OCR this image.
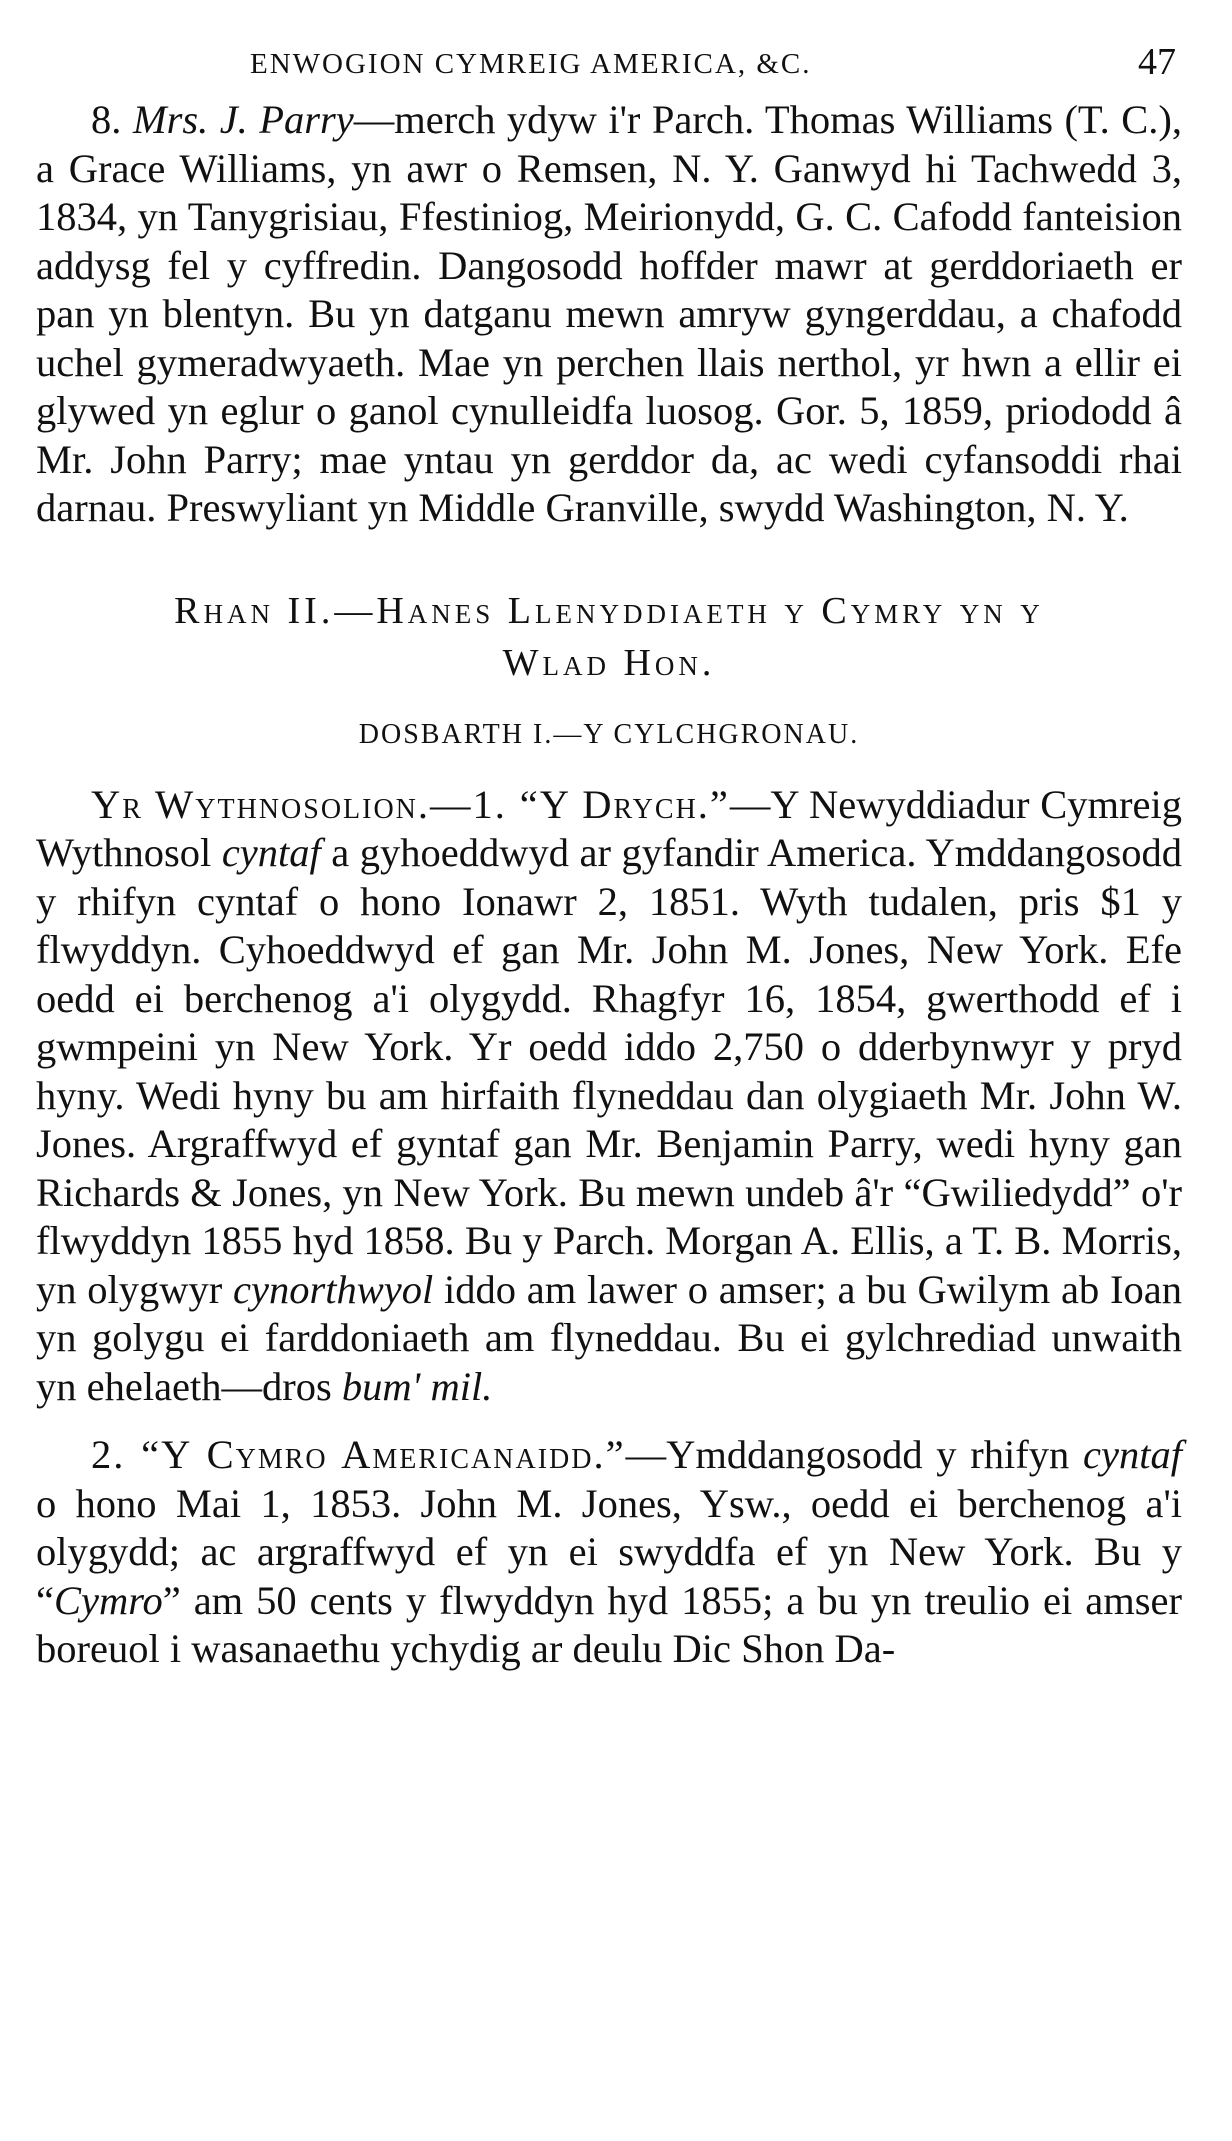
ENWOGION CYMREIG AMERICA, &C.	47

8. Mrs. J. Parry—merch ydyw i'r Parch. Thomas Williams (T. C.), a Grace Williams, yn awr o Remsen, N. Y. Ganwyd hi Tachwedd 3, 1834, yn Tanygrisiau, Ffestiniog, Meirionydd, G. C. Cafodd fanteision addysg fel y cyffredin. Dangosodd hoffder mawr at gerddoriaeth er pan yn blentyn. Bu yn datganu mewn amryw gyngerddau, a chafodd uchel gymeradwyaeth. Mae yn perchen llais nerthol, yr hwn a ellir ei glywed yn eglur o ganol cynulleidfa luosog. Gor. 5, 1859, priododd â Mr. John Parry; mae yntau yn gerddor da, ac wedi cyfansoddi rhai darnau. Preswyliant yn Middle Granville, swydd Washington, N. Y.

Rhan II.—Hanes Llenyddiaeth y Cymry yn y
Wlad Hon.
DOSBARTH I.—Y CYLCHGRONAU.

Yr Wythnosolion.—1. “Y Drych.”—Y Newyddiadur Cymreig Wythnosol cyntaf a gyhoeddwyd ar gyfandir America. Ymddangosodd y rhifyn cyntaf o hono Ionawr 2, 1851. Wyth tudalen, pris $1 y flwyddyn. Cyhoeddwyd ef gan Mr. John M. Jones, New York. Efe oedd ei berchenog a'i olygydd. Rhagfyr 16, 1854, gwerthodd ef i gwmpeini yn New York. Yr oedd iddo 2,750 o dderbynwyr y pryd hyny. Wedi hyny bu am hirfaith flyneddau dan olygiaeth Mr. John W. Jones. Argraffwyd ef gyntaf gan Mr. Benjamin Parry, wedi hyny gan Richards & Jones, yn New York. Bu mewn undeb â'r “Gwiliedydd” o'r flwyddyn 1855 hyd 1858. Bu y Parch. Morgan A. Ellis, a T. B. Morris, yn olygwyr cynorthwyol iddo am lawer o amser; a bu Gwilym ab Ioan yn golygu ei farddoniaeth am flyneddau. Bu ei gylchrediad unwaith yn ehelaeth—dros bum' mil.

2. “Y Cymro Americanaidd.”—Ymddangosodd y rhifyn cyntaf o hono Mai 1, 1853. John M. Jones, Ysw., oedd ei berchenog a'i olygydd; ac argraffwyd ef yn ei swyddfa ef yn New York. Bu y “Cymro” am 50 cents y flwyddyn hyd 1855; a bu yn treulio ei amser boreuol i wasanaethu ychydig ar deulu Dic Shon Da-
